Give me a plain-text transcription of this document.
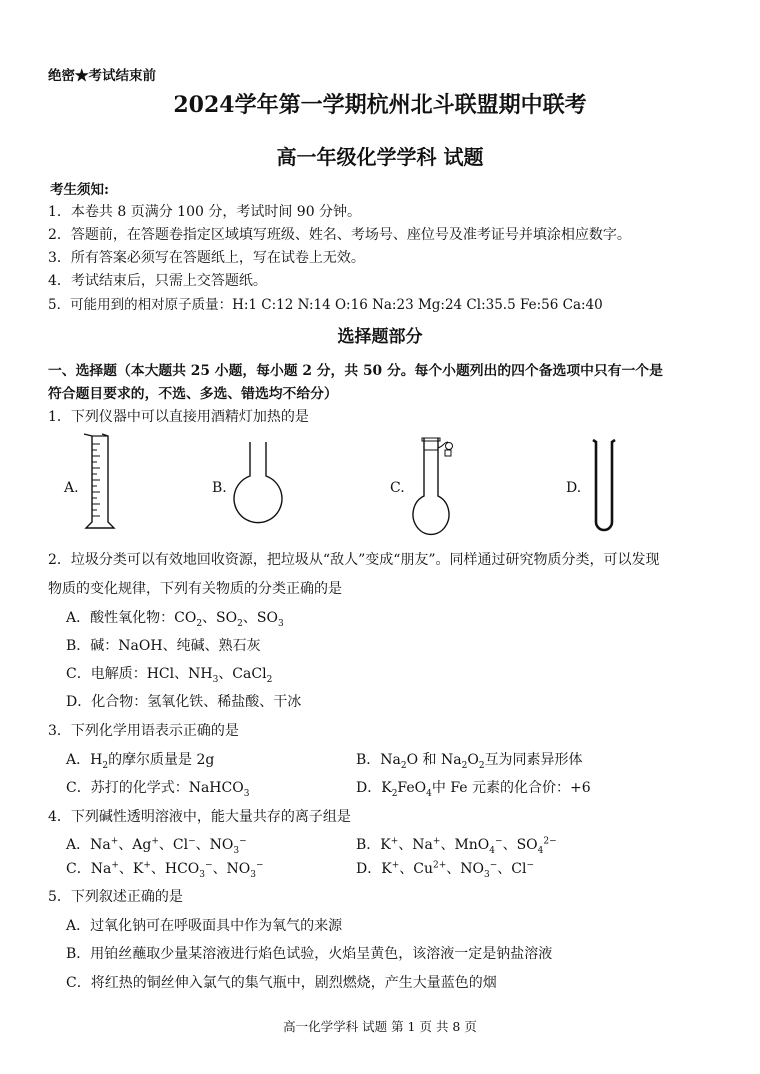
绝密★考试结束前
2024学年第一学期杭州北斗联盟期中联考
高一年级化学学科 试题
考生须知:
1．本卷共 8 页满分 100 分，考试时间 90 分钟。
2．答题前，在答题卷指定区域填写班级、姓名、考场号、座位号及准考证号并填涂相应数字。
3．所有答案必须写在答题纸上，写在试卷上无效。
4．考试结束后，只需上交答题纸。
5．可能用到的相对原子质量：H:1 C:12 N:14 O:16 Na:23 Mg:24 Cl:35.5 Fe:56 Ca:40
选择题部分
一、选择题（本大题共 25 小题，每小题 2 分，共 50 分。每个小题列出的四个备选项中只有一个是
符合题目要求的，不选、多选、错选均不给分）
1．下列仪器中可以直接用酒精灯加热的是
A.	B.	C.	D.
2．垃圾分类可以有效地回收资源，把垃圾从“敌人”变成“朋友”。同样通过研究物质分类，可以发现
物质的变化规律，下列有关物质的分类正确的是
A．酸性氧化物：$CO_2$、$SO_2$、$SO_3$
B．碱：NaOH、纯碱、熟石灰
C．电解质：HCl、$NH_3$、CaCl$_2$
D．化合物：氢氧化铁、稀盐酸、干冰
3．下列化学用语表示正确的是
A．$H_2$的摩尔质量是 2g	B．$Na_2O$ 和 $Na_2O_2$互为同素异形体
C．苏打的化学式：NaHCO$_3$	D．$K_2FeO_4$中 Fe 元素的化合价：+6
4．下列碱性透明溶液中，能大量共存的离子组是
A．Na+、Ag+、Cl−、$NO_3^-$	B．K+、Na+、MnO$_4$−、$SO_4^{2-}$
C．Na+、K+、$HCO_3^-$、$NO_3^-$	D．K+、$Cu^{2+}$、$NO_3^-$、Cl−
5．下列叙述正确的是
A．过氧化钠可在呼吸面具中作为氧气的来源
B．用铂丝蘸取少量某溶液进行焰色试验，火焰呈黄色，该溶液一定是钠盐溶液
C．将红热的铜丝伸入氯气的集气瓶中，剧烈燃烧，产生大量蓝色的烟
高一化学学科 试题 第 1 页 共 8 页
